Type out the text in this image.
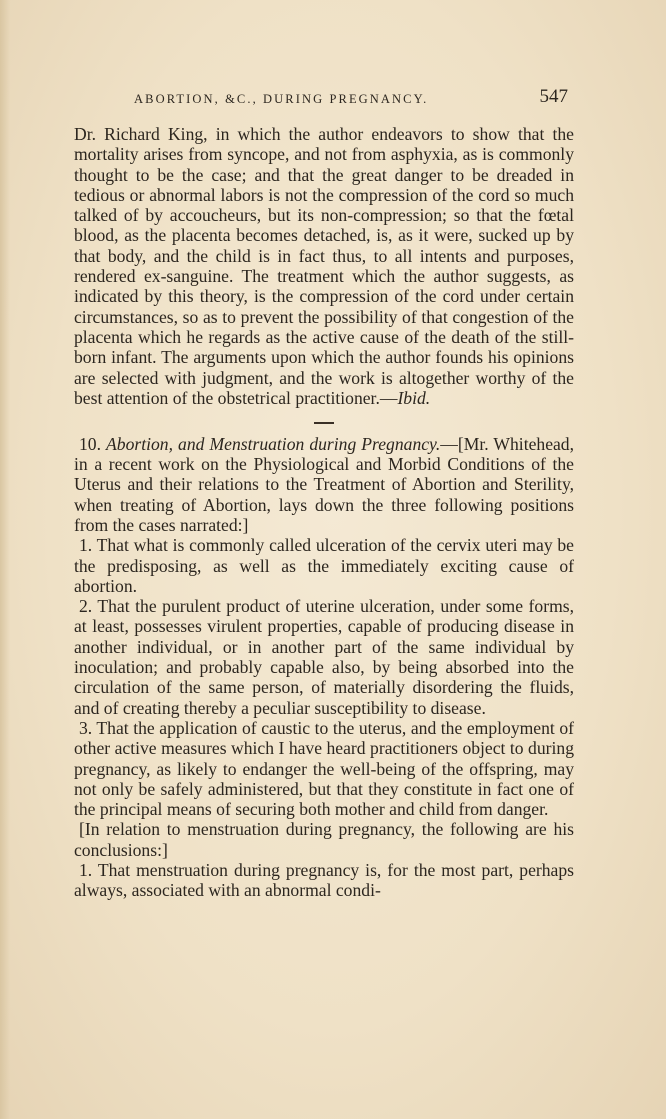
ABORTION, &C., DURING PREGNANCY.	547

Dr. Richard King, in which the author endeavors to show that the mortality arises from syncope, and not from asphyxia, as is commonly thought to be the case; and that the great danger to be dreaded in tedious or abnormal labors is not the compression of the cord so much talked of by accoucheurs, but its non-compression; so that the fœtal blood, as the placenta becomes detached, is, as it were, sucked up by that body, and the child is in fact thus, to all intents and purposes, rendered ex-sanguine. The treatment which the author suggests, as indicated by this theory, is the compression of the cord under certain circumstances, so as to prevent the possibility of that congestion of the placenta which he regards as the active cause of the death of the still-born infant. The arguments upon which the author founds his opinions are selected with judgment, and the work is altogether worthy of the best attention of the obstetrical practitioner.—Ibid.

10. Abortion, and Menstruation during Pregnancy.—[Mr. Whitehead, in a recent work on the Physiological and Morbid Conditions of the Uterus and their relations to the Treatment of Abortion and Sterility, when treating of Abortion, lays down the three following positions from the cases narrated:]

1. That what is commonly called ulceration of the cervix uteri may be the predisposing, as well as the immediately exciting cause of abortion.

2. That the purulent product of uterine ulceration, under some forms, at least, possesses virulent properties, capable of producing disease in another individual, or in another part of the same individual by inoculation; and probably capable also, by being absorbed into the circulation of the same person, of materially disordering the fluids, and of creating thereby a peculiar susceptibility to disease.

3. That the application of caustic to the uterus, and the employment of other active measures which I have heard practitioners object to during pregnancy, as likely to endanger the well-being of the offspring, may not only be safely administered, but that they constitute in fact one of the principal means of securing both mother and child from danger.

[In relation to menstruation during pregnancy, the following are his conclusions:]

1. That menstruation during pregnancy is, for the most part, perhaps always, associated with an abnormal condi-
